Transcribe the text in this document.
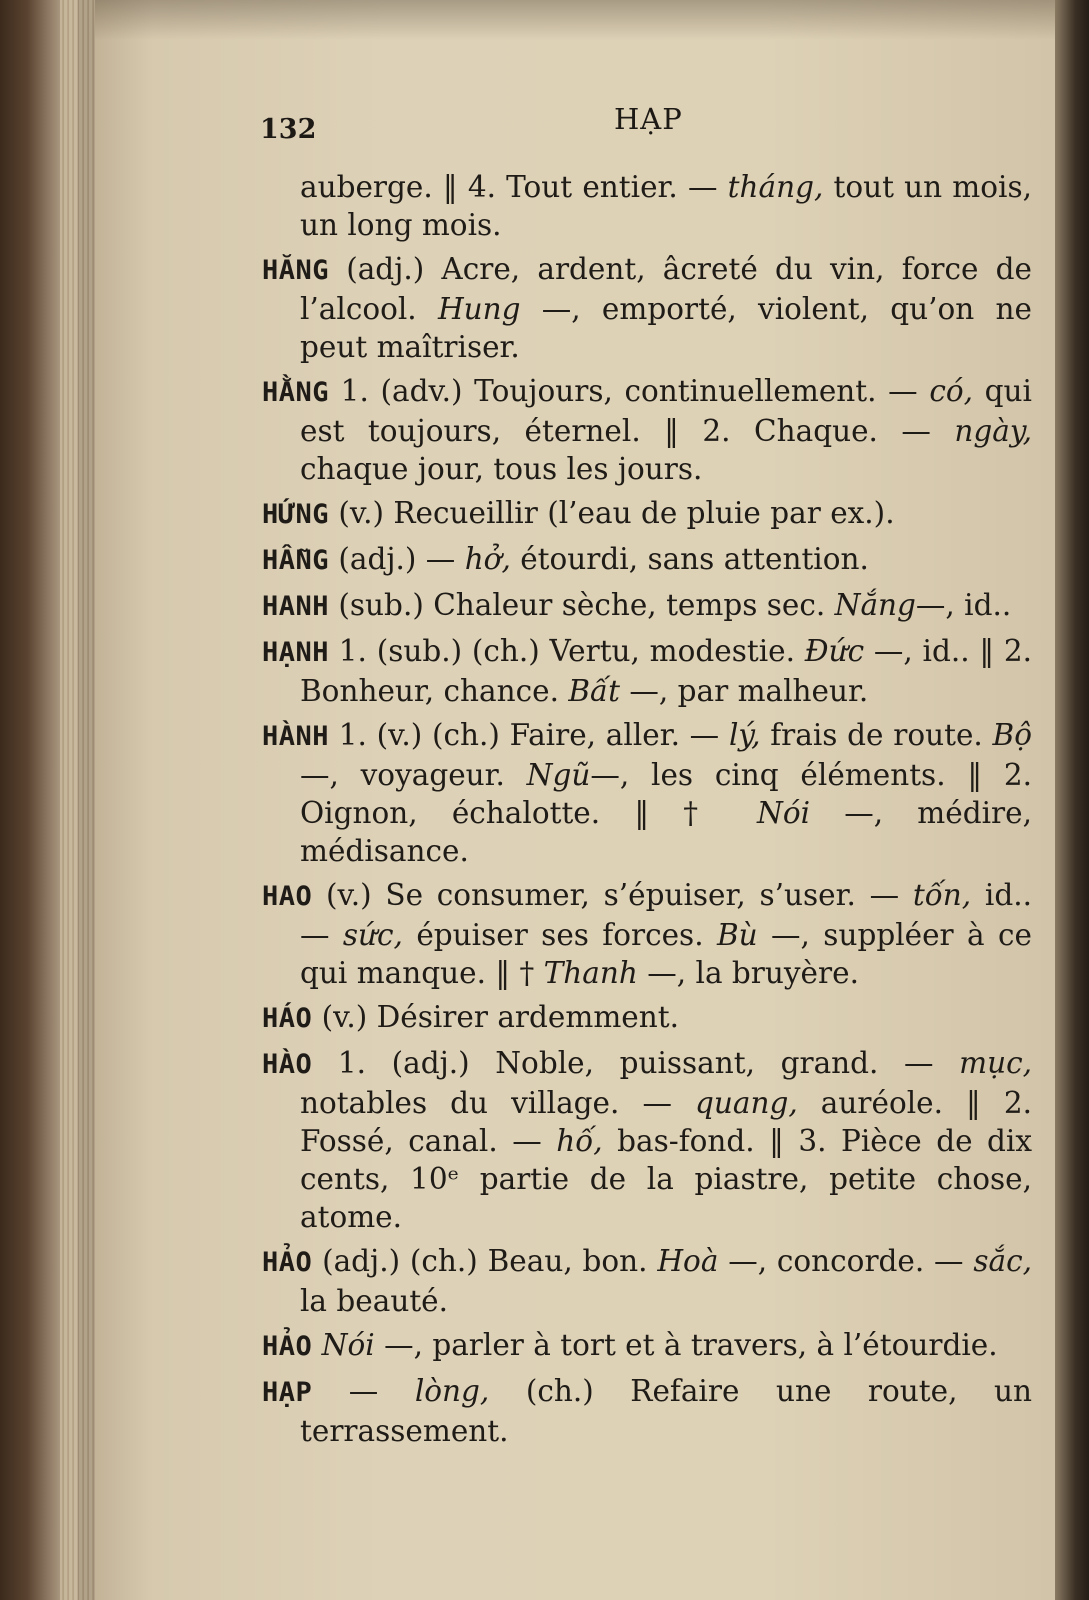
132	HẠP

auberge. ‖ 4. Tout entier. — tháng, tout un mois, un long mois.

HĂNG (adj.) Acre, ardent, âcreté du vin, force de l’alcool. Hung —, emporté, violent, qu’on ne peut maîtriser.

HẰNG 1. (adv.) Toujours, continuellement. — có, qui est toujours, éternel. ‖ 2. Chaque. — ngày, chaque jour, tous les jours.

HỨNG (v.) Recueillir (l’eau de pluie par ex.).

HẪNG (adj.) — hở, étourdi, sans attention.

HANH (sub.) Chaleur sèche, temps sec. Nắng—, id..

HẠNH 1. (sub.) (ch.) Vertu, modestie. Đức —, id.. ‖ 2. Bonheur, chance. Bất —, par malheur.

HÀNH 1. (v.) (ch.) Faire, aller. — lý, frais de route. Bộ—, voyageur. Ngũ—, les cinq éléments. ‖ 2. Oignon, échalotte. ‖ † Nói —, médire, médisance.

HAO (v.) Se consumer, s’épuiser, s’user. — tốn, id.. — sức, épuiser ses forces. Bù —, suppléer à ce qui manque. ‖ † Thanh —, la bruyère.

HÁO (v.) Désirer ardemment.

HÀO 1. (adj.) Noble, puissant, grand. — mục, notables du village. — quang, auréole. ‖ 2. Fossé, canal. — hố, bas-fond. ‖ 3. Pièce de dix cents, 10ᵉ partie de la piastre, petite chose, atome.

HẢO (adj.) (ch.) Beau, bon. Hoà —, concorde. — sắc, la beauté.

HẢO Nói —, parler à tort et à travers, à l’étourdie.

HẠP — lòng, (ch.) Refaire une route, un terrassement.
